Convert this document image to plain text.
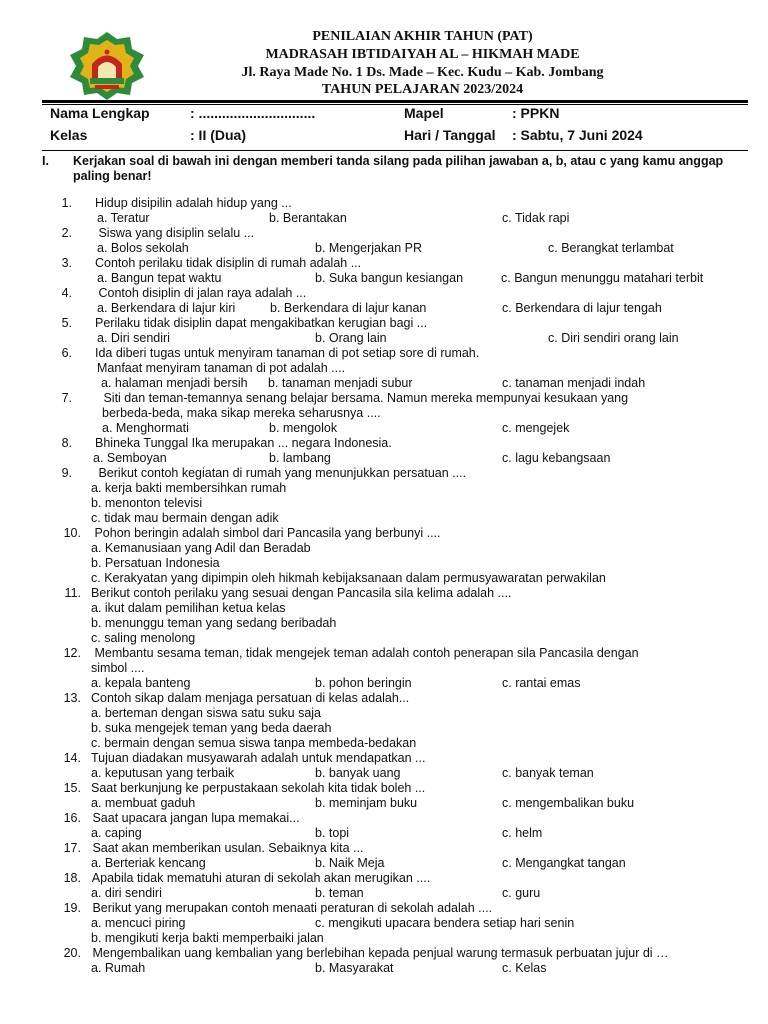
PENILAIAN AKHIR TAHUN (PAT)
MADRASAH IBTIDAIYAH AL – HIKMAH MADE
Jl. Raya Made No. 1 Ds. Made – Kec. Kudu – Kab. Jombang
TAHUN PELAJARAN 2023/2024
Nama Lengkap	: ..............................	Mapel	: PPKN
Kelas	: II (Dua)	Hari / Tanggal : Sabtu, 7 Juni 2024
I. Kerjakan soal di bawah ini dengan memberi tanda silang pada pilihan jawaban a, b, atau c yang kamu anggap paling benar!
1. Hidup disipilin adalah hidup yang ...
a. Teratur	b. Berantakan	c. Tidak rapi
2. Siswa yang disiplin selalu ...
a. Bolos sekolah	b. Mengerjakan PR	c. Berangkat terlambat
3. Contoh perilaku tidak disiplin di rumah adalah ...
a. Bangun tepat waktu	b. Suka bangun kesiangan	c. Bangun menunggu matahari terbit
4. Contoh disiplin di jalan raya adalah ...
a. Berkendara di lajur kiri	b. Berkendara di lajur kanan	c. Berkendara di lajur tengah
5. Perilaku tidak disiplin dapat mengakibatkan kerugian bagi ...
a. Diri sendiri	b. Orang lain	c. Diri sendiri orang lain
6. Ida diberi tugas untuk menyiram tanaman di pot setiap sore di rumah.
Manfaat menyiram tanaman di pot adalah ....
a. halaman menjadi bersih b. tanaman menjadi subur	c. tanaman menjadi indah
7. Siti dan teman-temannya senang belajar bersama. Namun mereka mempunyai kesukaan yang
berbeda-beda, maka sikap mereka seharusnya ....
a. Menghormati	b. mengolok	c. mengejek
8. Bhineka Tunggal Ika merupakan ... negara Indonesia.
a. Semboyan	b. lambang	c. lagu kebangsaan
9. Berikut contoh kegiatan di rumah yang menunjukkan persatuan ....
a. kerja bakti membersihkan rumah
b. menonton televisi
c. tidak mau bermain dengan adik
10. Pohon beringin adalah simbol dari Pancasila yang berbunyi ....
a. Kemanusiaan yang Adil dan Beradab
b. Persatuan Indonesia
c. Kerakyatan yang dipimpin oleh hikmah kebijaksanaan dalam permusyawaratan perwakilan
11. Berikut contoh perilaku yang sesuai dengan Pancasila sila kelima adalah ....
a. ikut dalam pemilihan ketua kelas
b. menunggu teman yang sedang beribadah
c. saling menolong
12. Membantu sesama teman, tidak mengejek teman adalah contoh penerapan sila Pancasila dengan
simbol ....
a. kepala banteng	b. pohon beringin	c. rantai emas
13. Contoh sikap dalam menjaga persatuan di kelas adalah...
a. berteman dengan siswa satu suku saja
b. suka mengejek teman yang beda daerah
c. bermain dengan semua siswa tanpa membeda-bedakan
14. Tujuan diadakan musyawarah adalah untuk mendapatkan ...
a. keputusan yang terbaik	b. banyak uang	c. banyak teman
15. Saat berkunjung ke perpustakaan sekolah kita tidak boleh ...
a. membuat gaduh	b. meminjam buku	c. mengembalikan buku
16. Saat upacara jangan lupa memakai...
a. caping	b. topi	c. helm
17. Saat akan memberikan usulan. Sebaiknya kita ...
a. Berteriak kencang	b. Naik Meja	c. Mengangkat tangan
18. Apabila tidak mematuhi aturan di sekolah akan merugikan ....
a. diri sendiri	b. teman	c. guru
19. Berikut yang merupakan contoh menaati peraturan di sekolah adalah ....
a. mencuci piring	c. mengikuti upacara bendera setiap hari senin
b. mengikuti kerja bakti memperbaiki jalan
20. Mengembalikan uang kembalian yang berlebihan kepada penjual warung termasuk perbuatan jujur di …
a. Rumah	b. Masyarakat	c. Kelas
